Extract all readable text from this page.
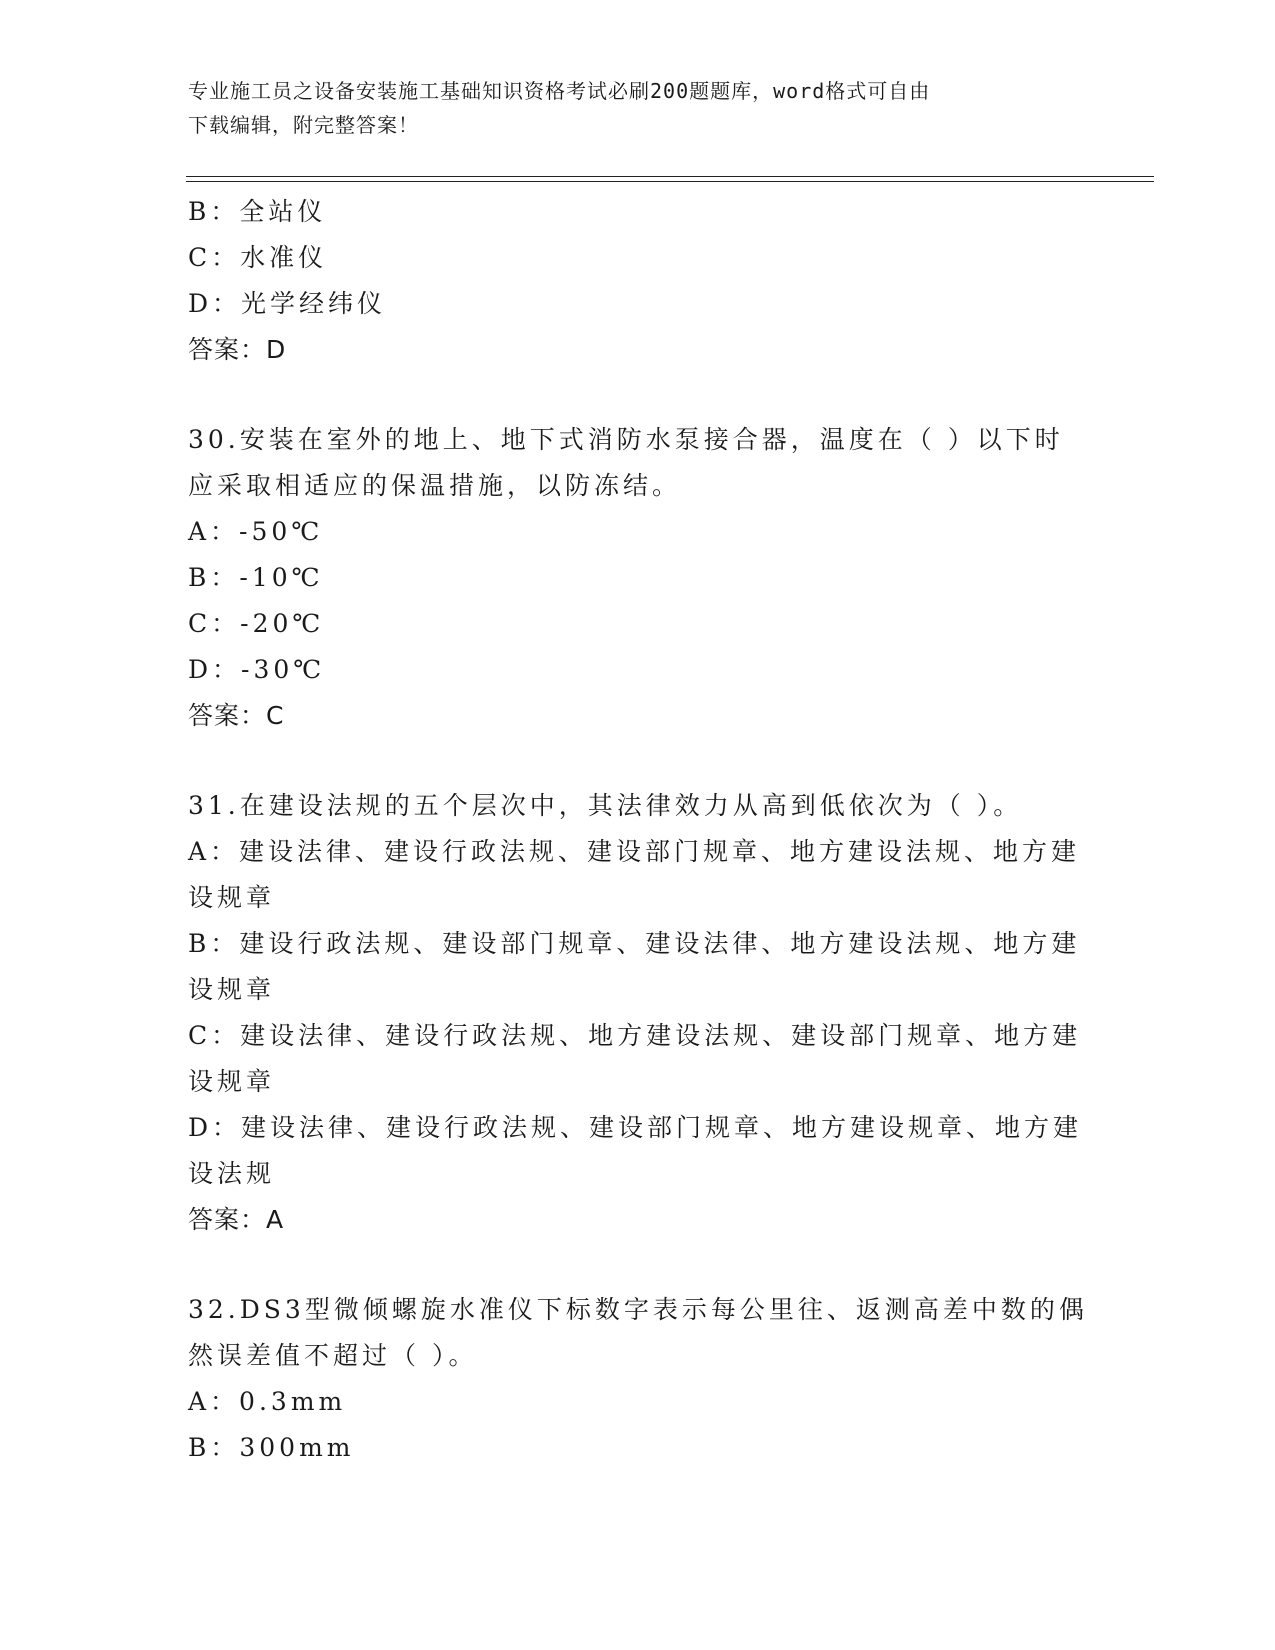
专业施工员之设备安装施工基础知识资格考试必刷200题题库，word格式可自由
下载编辑，附完整答案！
B：全站仪
C：水准仪
D：光学经纬仪
答案：D
30.安装在室外的地上、地下式消防水泵接合器，温度在（ ）以下时
应采取相适应的保温措施，以防冻结。
A：-50℃
B：-10℃
C：-20℃
D：-30℃
答案：C
31.在建设法规的五个层次中，其法律效力从高到低依次为（ ）。
A：建设法律、建设行政法规、建设部门规章、地方建设法规、地方建
设规章
B：建设行政法规、建设部门规章、建设法律、地方建设法规、地方建
设规章
C：建设法律、建设行政法规、地方建设法规、建设部门规章、地方建
设规章
D：建设法律、建设行政法规、建设部门规章、地方建设规章、地方建
设法规
答案：A
32.DS3型微倾螺旋水准仪下标数字表示每公里往、返测高差中数的偶
然误差值不超过（ ）。
A：0.3mm
B：300mm
